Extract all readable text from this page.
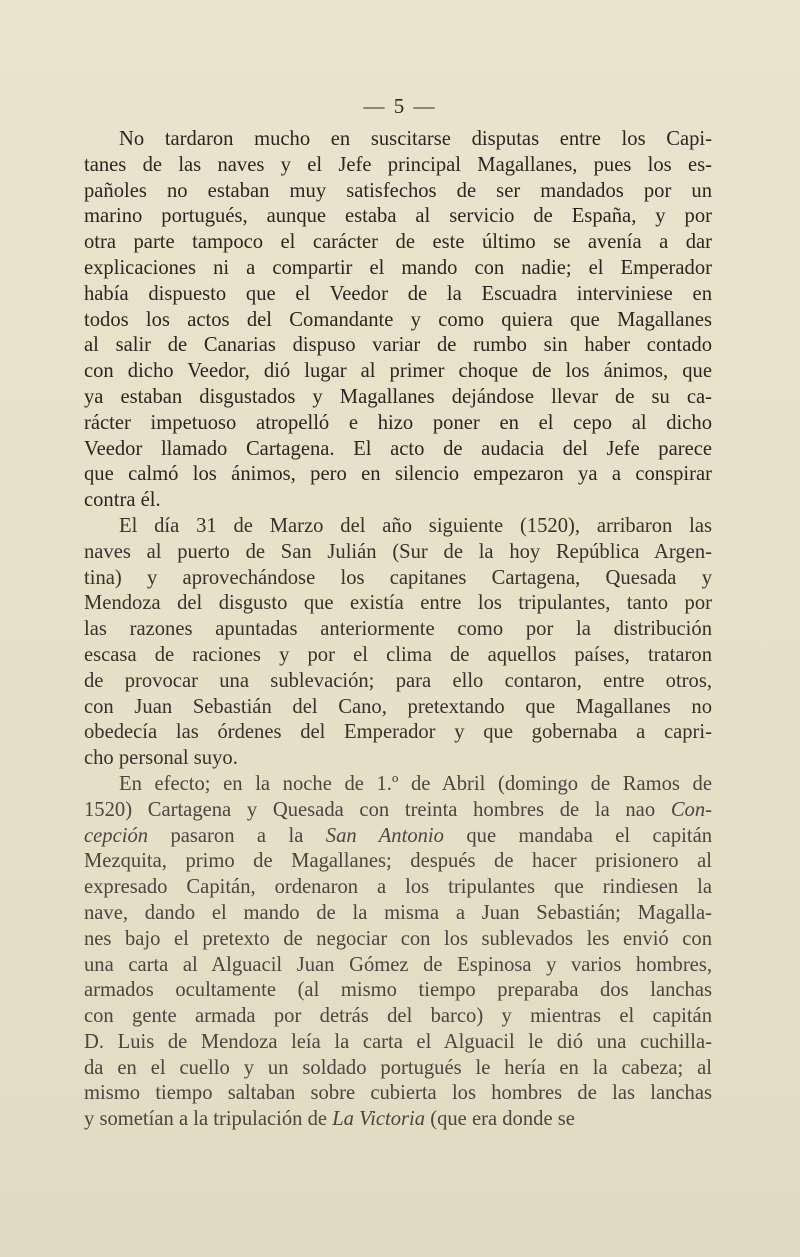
— 5 —

No tardaron mucho en suscitarse disputas entre los Capi-
tanes de las naves y el Jefe principal Magallanes, pues los es-
pañoles no estaban muy satisfechos de ser mandados por un
marino portugués, aunque estaba al servicio de España, y por
otra parte tampoco el carácter de este último se avenía a dar
explicaciones ni a compartir el mando con nadie; el Emperador
había dispuesto que el Veedor de la Escuadra interviniese en
todos los actos del Comandante y como quiera que Magallanes
al salir de Canarias dispuso variar de rumbo sin haber contado
con dicho Veedor, dió lugar al primer choque de los ánimos, que
ya estaban disgustados y Magallanes dejándose llevar de su ca-
rácter impetuoso atropelló e hizo poner en el cepo al dicho
Veedor llamado Cartagena. El acto de audacia del Jefe parece
que calmó los ánimos, pero en silencio empezaron ya a conspirar
contra él.

El día 31 de Marzo del año siguiente (1520), arribaron las
naves al puerto de San Julián (Sur de la hoy República Argen-
tina) y aprovechándose los capitanes Cartagena, Quesada y
Mendoza del disgusto que existía entre los tripulantes, tanto por
las razones apuntadas anteriormente como por la distribución
escasa de raciones y por el clima de aquellos países, trataron
de provocar una sublevación; para ello contaron, entre otros,
con Juan Sebastián del Cano, pretextando que Magallanes no
obedecía las órdenes del Emperador y que gobernaba a capri-
cho personal suyo.

En efecto; en la noche de 1.º de Abril (domingo de Ramos de
1520) Cartagena y Quesada con treinta hombres de la nao Con-
cepción pasaron a la San Antonio que mandaba el capitán
Mezquita, primo de Magallanes; después de hacer prisionero al
expresado Capitán, ordenaron a los tripulantes que rindiesen la
nave, dando el mando de la misma a Juan Sebastián; Magalla-
nes bajo el pretexto de negociar con los sublevados les envió con
una carta al Alguacil Juan Gómez de Espinosa y varios hombres,
armados ocultamente (al mismo tiempo preparaba dos lanchas
con gente armada por detrás del barco) y mientras el capitán
D. Luis de Mendoza leía la carta el Alguacil le dió una cuchilla-
da en el cuello y un soldado portugués le hería en la cabeza; al
mismo tiempo saltaban sobre cubierta los hombres de las lanchas
y sometían a la tripulación de La Victoria (que era donde se
